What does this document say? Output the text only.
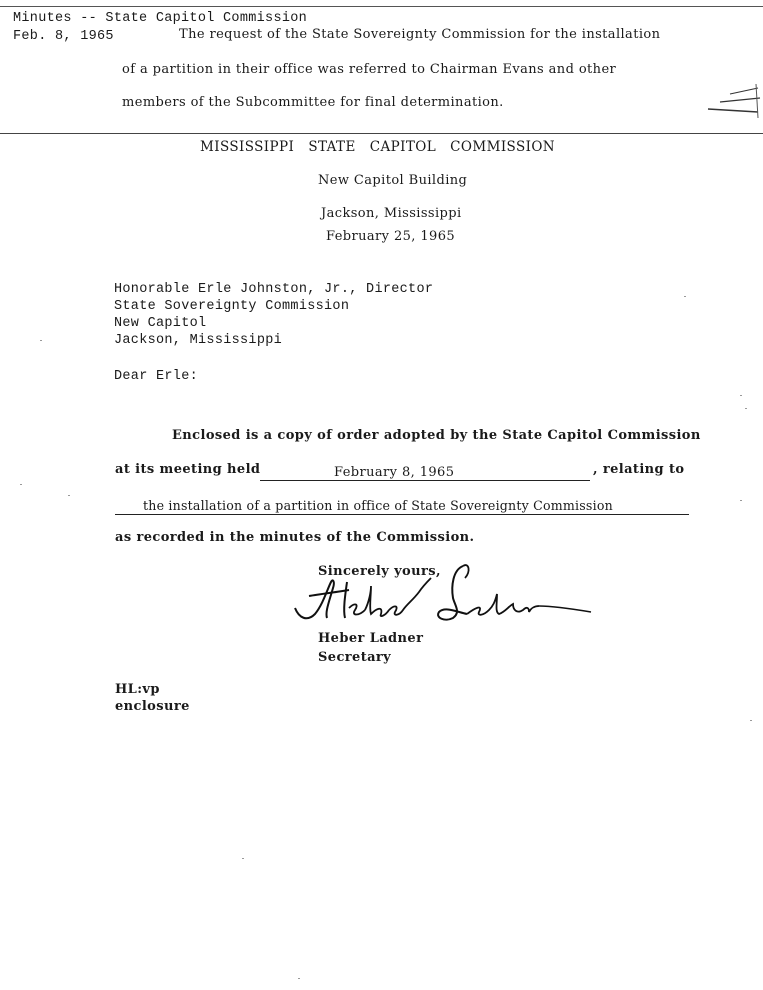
Minutes -- State Capitol Commission
Feb. 8, 1965	The request of the State Sovereignty Commission for the installation
of a partition in their office was referred to Chairman Evans and other
members of the Subcommittee for final determination.
MISSISSIPPI   STATE   CAPITOL   COMMISSION
New Capitol Building
Jackson, Mississippi
February 25, 1965
Honorable Erle Johnston, Jr., Director
State Sovereignty Commission
New Capitol
Jackson, Mississippi
Dear Erle:
Enclosed is a copy of order adopted by the State Capitol Commission
at its meeting held	February 8, 1965	, relating to
the installation of a partition in office of State Sovereignty Commission
as recorded in the minutes of the Commission.
Sincerely yours,
Heber Ladner
Secretary
HL:vp
enclosure
